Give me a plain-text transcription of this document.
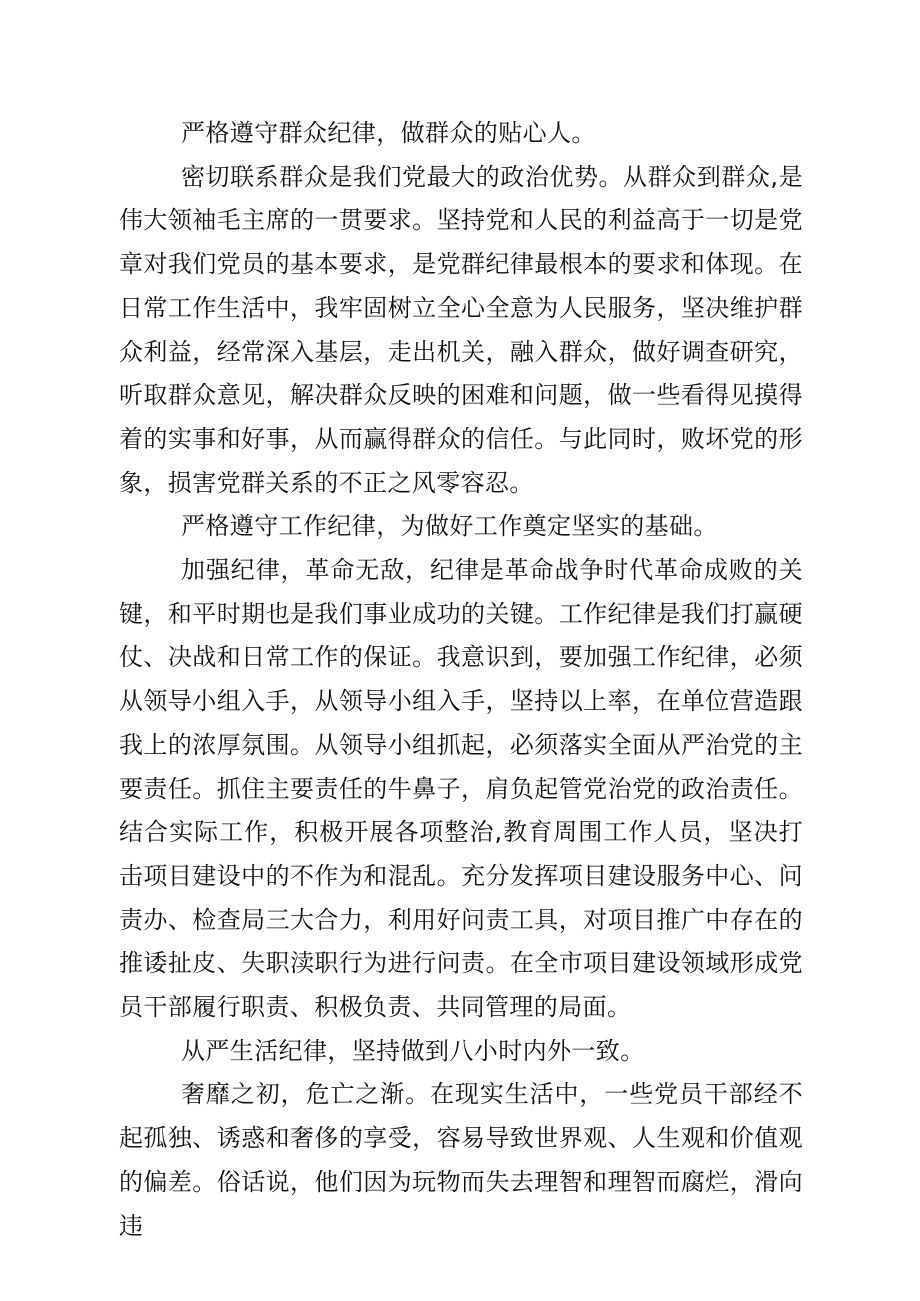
严格遵守群众纪律，做群众的贴心人。

密切联系群众是我们党最大的政治优势。从群众到群众,是伟大领袖毛主席的一贯要求。坚持党和人民的利益高于一切是党章对我们党员的基本要求，是党群纪律最根本的要求和体现。在日常工作生活中，我牢固树立全心全意为人民服务，坚决维护群众利益，经常深入基层，走出机关，融入群众，做好调查研究，听取群众意见，解决群众反映的困难和问题，做一些看得见摸得着的实事和好事，从而赢得群众的信任。与此同时，败坏党的形象，损害党群关系的不正之风零容忍。

严格遵守工作纪律，为做好工作奠定坚实的基础。

加强纪律，革命无敌，纪律是革命战争时代革命成败的关键，和平时期也是我们事业成功的关键。工作纪律是我们打赢硬仗、决战和日常工作的保证。我意识到，要加强工作纪律，必须从领导小组入手，从领导小组入手，坚持以上率，在单位营造跟我上的浓厚氛围。从领导小组抓起，必须落实全面从严治党的主要责任。抓住主要责任的牛鼻子，肩负起管党治党的政治责任。结合实际工作，积极开展各项整治,教育周围工作人员，坚决打击项目建设中的不作为和混乱。充分发挥项目建设服务中心、问责办、检查局三大合力，利用好问责工具，对项目推广中存在的推诿扯皮、失职渎职行为进行问责。在全市项目建设领域形成党员干部履行职责、积极负责、共同管理的局面。

从严生活纪律，坚持做到八小时内外一致。

奢靡之初，危亡之渐。在现实生活中，一些党员干部经不起孤独、诱惑和奢侈的享受，容易导致世界观、人生观和价值观的偏差。俗话说，他们因为玩物而失去理智和理智而腐烂，滑向违
